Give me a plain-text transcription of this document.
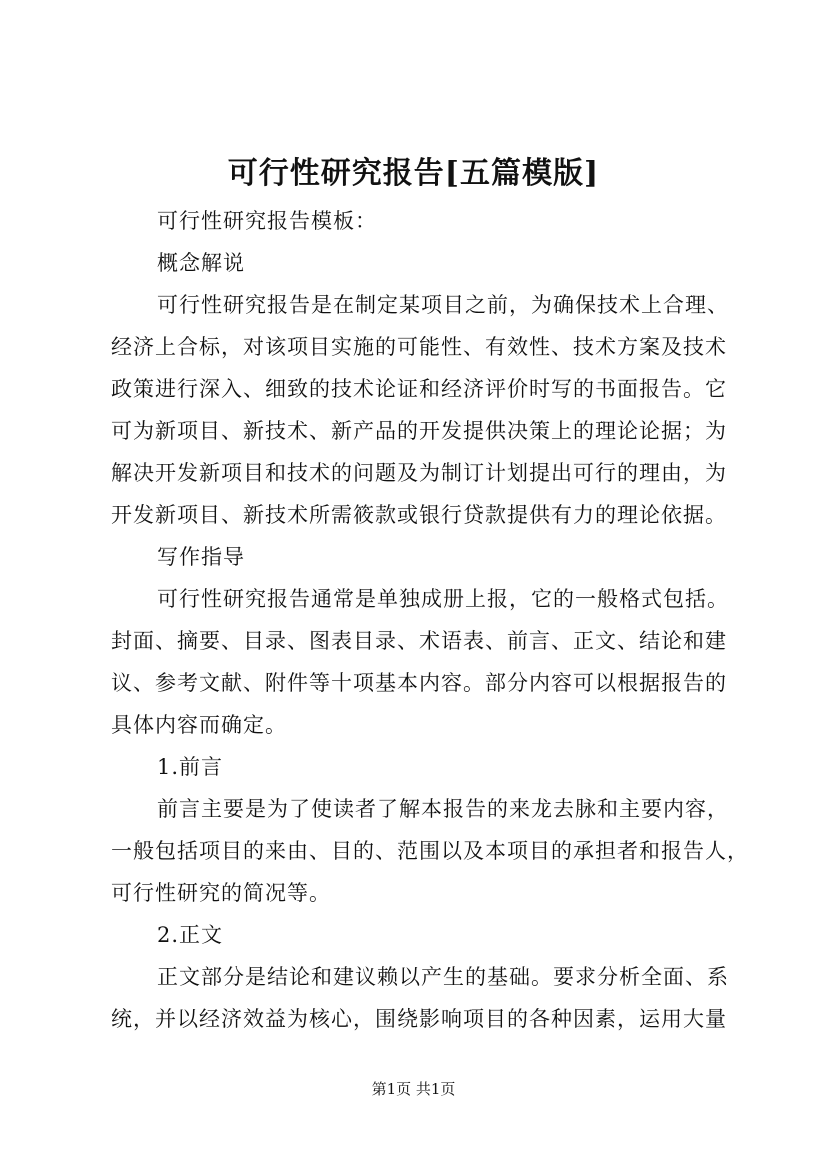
可行性研究报告[五篇模版]
可行性研究报告模板：
概念解说
可行性研究报告是在制定某项目之前，为确保技术上合理、
经济上合标，对该项目实施的可能性、有效性、技术方案及技术
政策进行深入、细致的技术论证和经济评价时写的书面报告。它
可为新项目、新技术、新产品的开发提供决策上的理论论据；为
解决开发新项目和技术的问题及为制订计划提出可行的理由，为
开发新项目、新技术所需筱款或银行贷款提供有力的理论依据。
写作指导
可行性研究报告通常是单独成册上报，它的一般格式包括。
封面、摘要、目录、图表目录、术语表、前言、正文、结论和建
议、参考文献、附件等十项基本内容。部分内容可以根据报告的
具体内容而确定。
1.前言
前言主要是为了使读者了解本报告的来龙去脉和主要内容，
一般包括项目的来由、目的、范围以及本项目的承担者和报告人，
可行性研究的简况等。
2.正文
正文部分是结论和建议赖以产生的基础。要求分析全面、系
统，并以经济效益为核心，围绕影响项目的各种因素，运用大量
第1页 共1页
